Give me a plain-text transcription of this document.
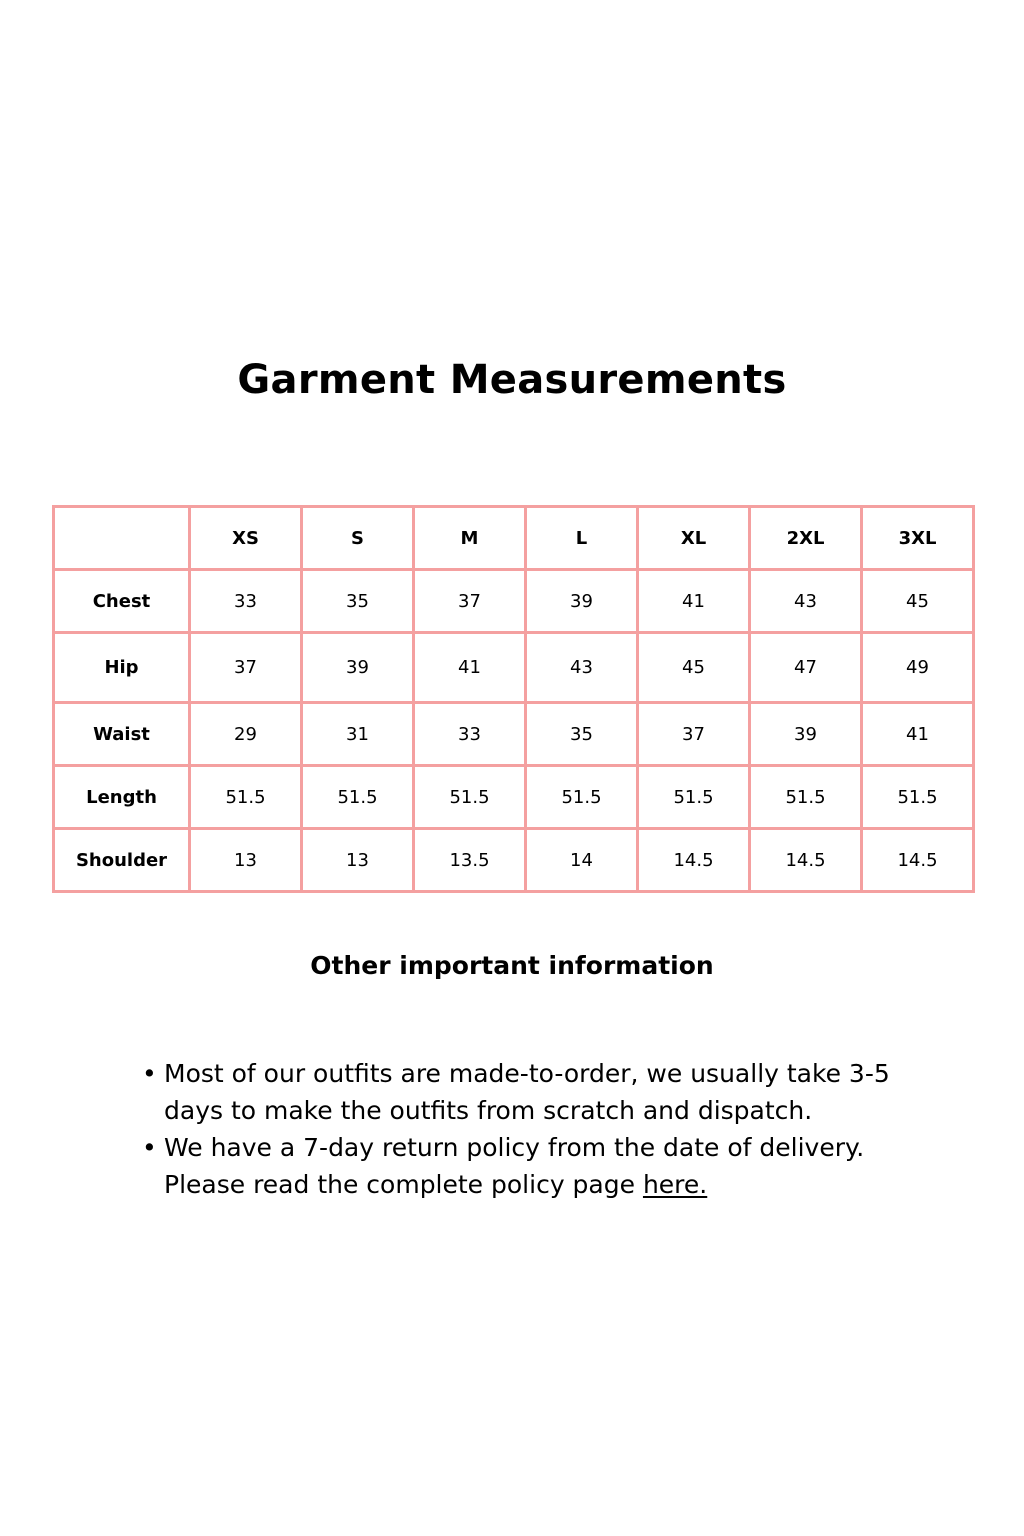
Garment Measurements
	XS	S	M	L	XL	2XL	3XL
Chest	33	35	37	39	41	43	45
Hip	37	39	41	43	45	47	49
Waist	29	31	33	35	37	39	41
Length	51.5	51.5	51.5	51.5	51.5	51.5	51.5
Shoulder	13	13	13.5	14	14.5	14.5	14.5
Other important information
• Most of our outfits are made-to-order, we usually take 3-5 days to make the outfits from scratch and dispatch.
• We have a 7-day return policy from the date of delivery. Please read the complete policy page here.
